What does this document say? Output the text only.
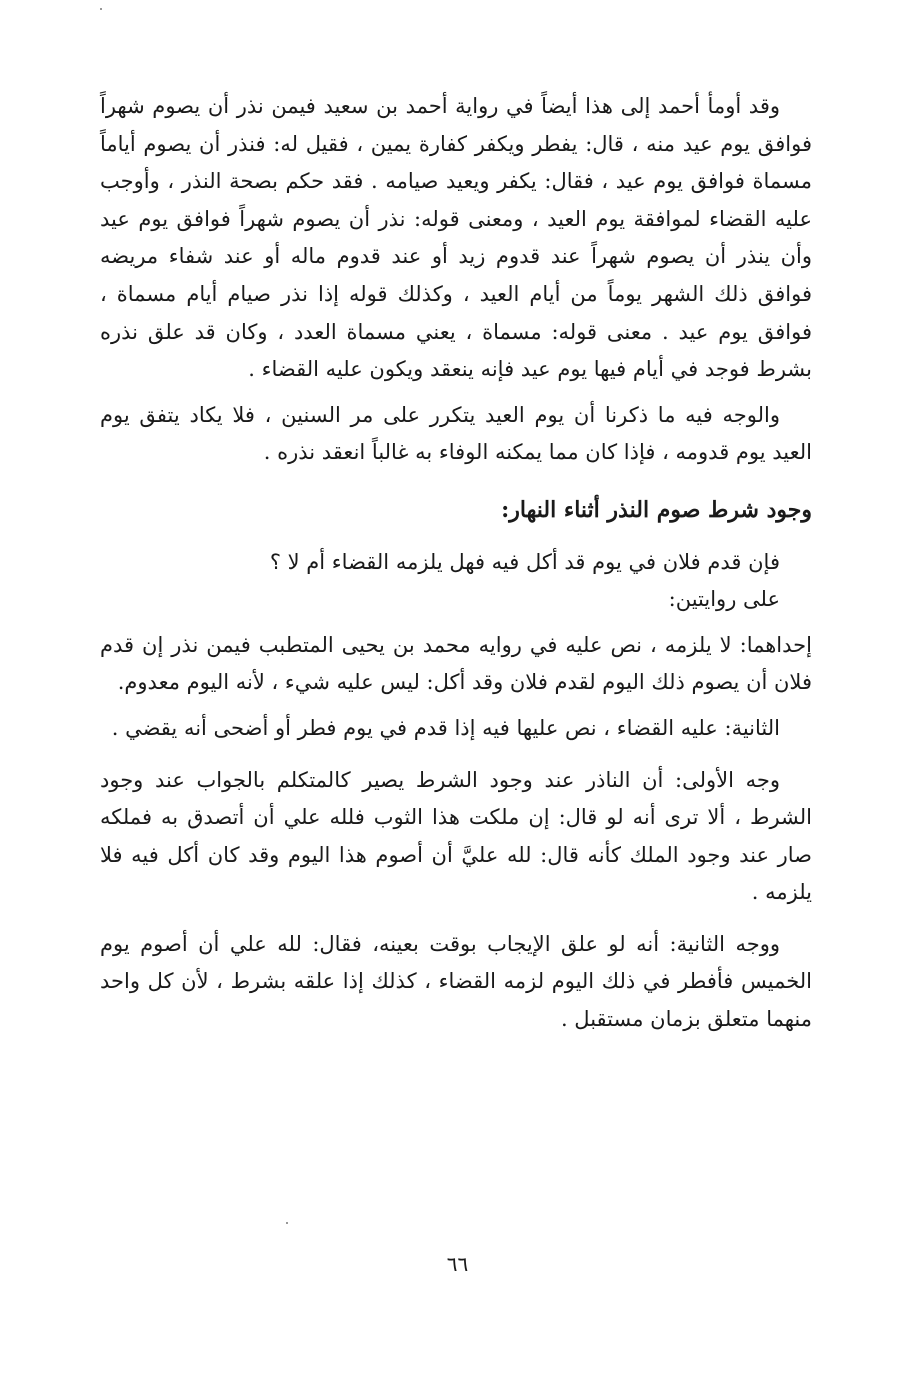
وقد أومأ أحمد إلى هذا أيضاً في رواية أحمد بن سعيد فيمن نذر أن يصوم شهراً فوافق يوم عيد منه ، قال: يفطر ويكفر كفارة يمين ، فقيل له: فنذر أن يصوم أياماً مسماة فوافق يوم عيد ، فقال: يكفر ويعيد صيامه . فقد حكم بصحة النذر ، وأوجب عليه القضاء لموافقة يوم العيد ، ومعنى قوله: نذر أن يصوم شهراً فوافق يوم عيد وأن ينذر أن يصوم شهراً عند قدوم زيد أو عند قدوم ماله أو عند شفاء مريضه فوافق ذلك الشهر يوماً من أيام العيد ، وكذلك قوله إذا نذر صيام أيام مسماة ، فوافق يوم عيد . معنى قوله: مسماة ، يعني مسماة العدد ، وكان قد علق نذره بشرط فوجد في أيام فيها يوم عيد فإنه ينعقد ويكون عليه القضاء .

والوجه فيه ما ذكرنا أن يوم العيد يتكرر على مر السنين ، فلا يكاد يتفق يوم العيد يوم قدومه ، فإذا كان مما يمكنه الوفاء به غالباً انعقد نذره .

وجود شرط صوم النذر أثناء النهار:

فإن قدم فلان في يوم قد أكل فيه فهل يلزمه القضاء أم لا ؟

على روايتين:

إحداهما: لا يلزمه ، نص عليه في روايه محمد بن يحيى المتطبب فيمن نذر إن قدم فلان أن يصوم ذلك اليوم لقدم فلان وقد أكل: ليس عليه شيء ، لأنه اليوم معدوم.

الثانية: عليه القضاء ، نص عليها فيه إذا قدم في يوم فطر أو أضحى أنه يقضي .

وجه الأولى: أن الناذر عند وجود الشرط يصير كالمتكلم بالجواب عند وجود الشرط ، ألا ترى أنه لو قال: إن ملكت هذا الثوب فلله علي أن أتصدق به فملكه صار عند وجود الملك كأنه قال: لله عليَّ أن أصوم هذا اليوم وقد كان أكل فيه فلا يلزمه .

ووجه الثانية: أنه لو علق الإيجاب بوقت بعينه، فقال: لله علي أن أصوم يوم الخميس فأفطر في ذلك اليوم لزمه القضاء ، كذلك إذا علقه بشرط ، لأن كل واحد منهما متعلق بزمان مستقبل .

٦٦
